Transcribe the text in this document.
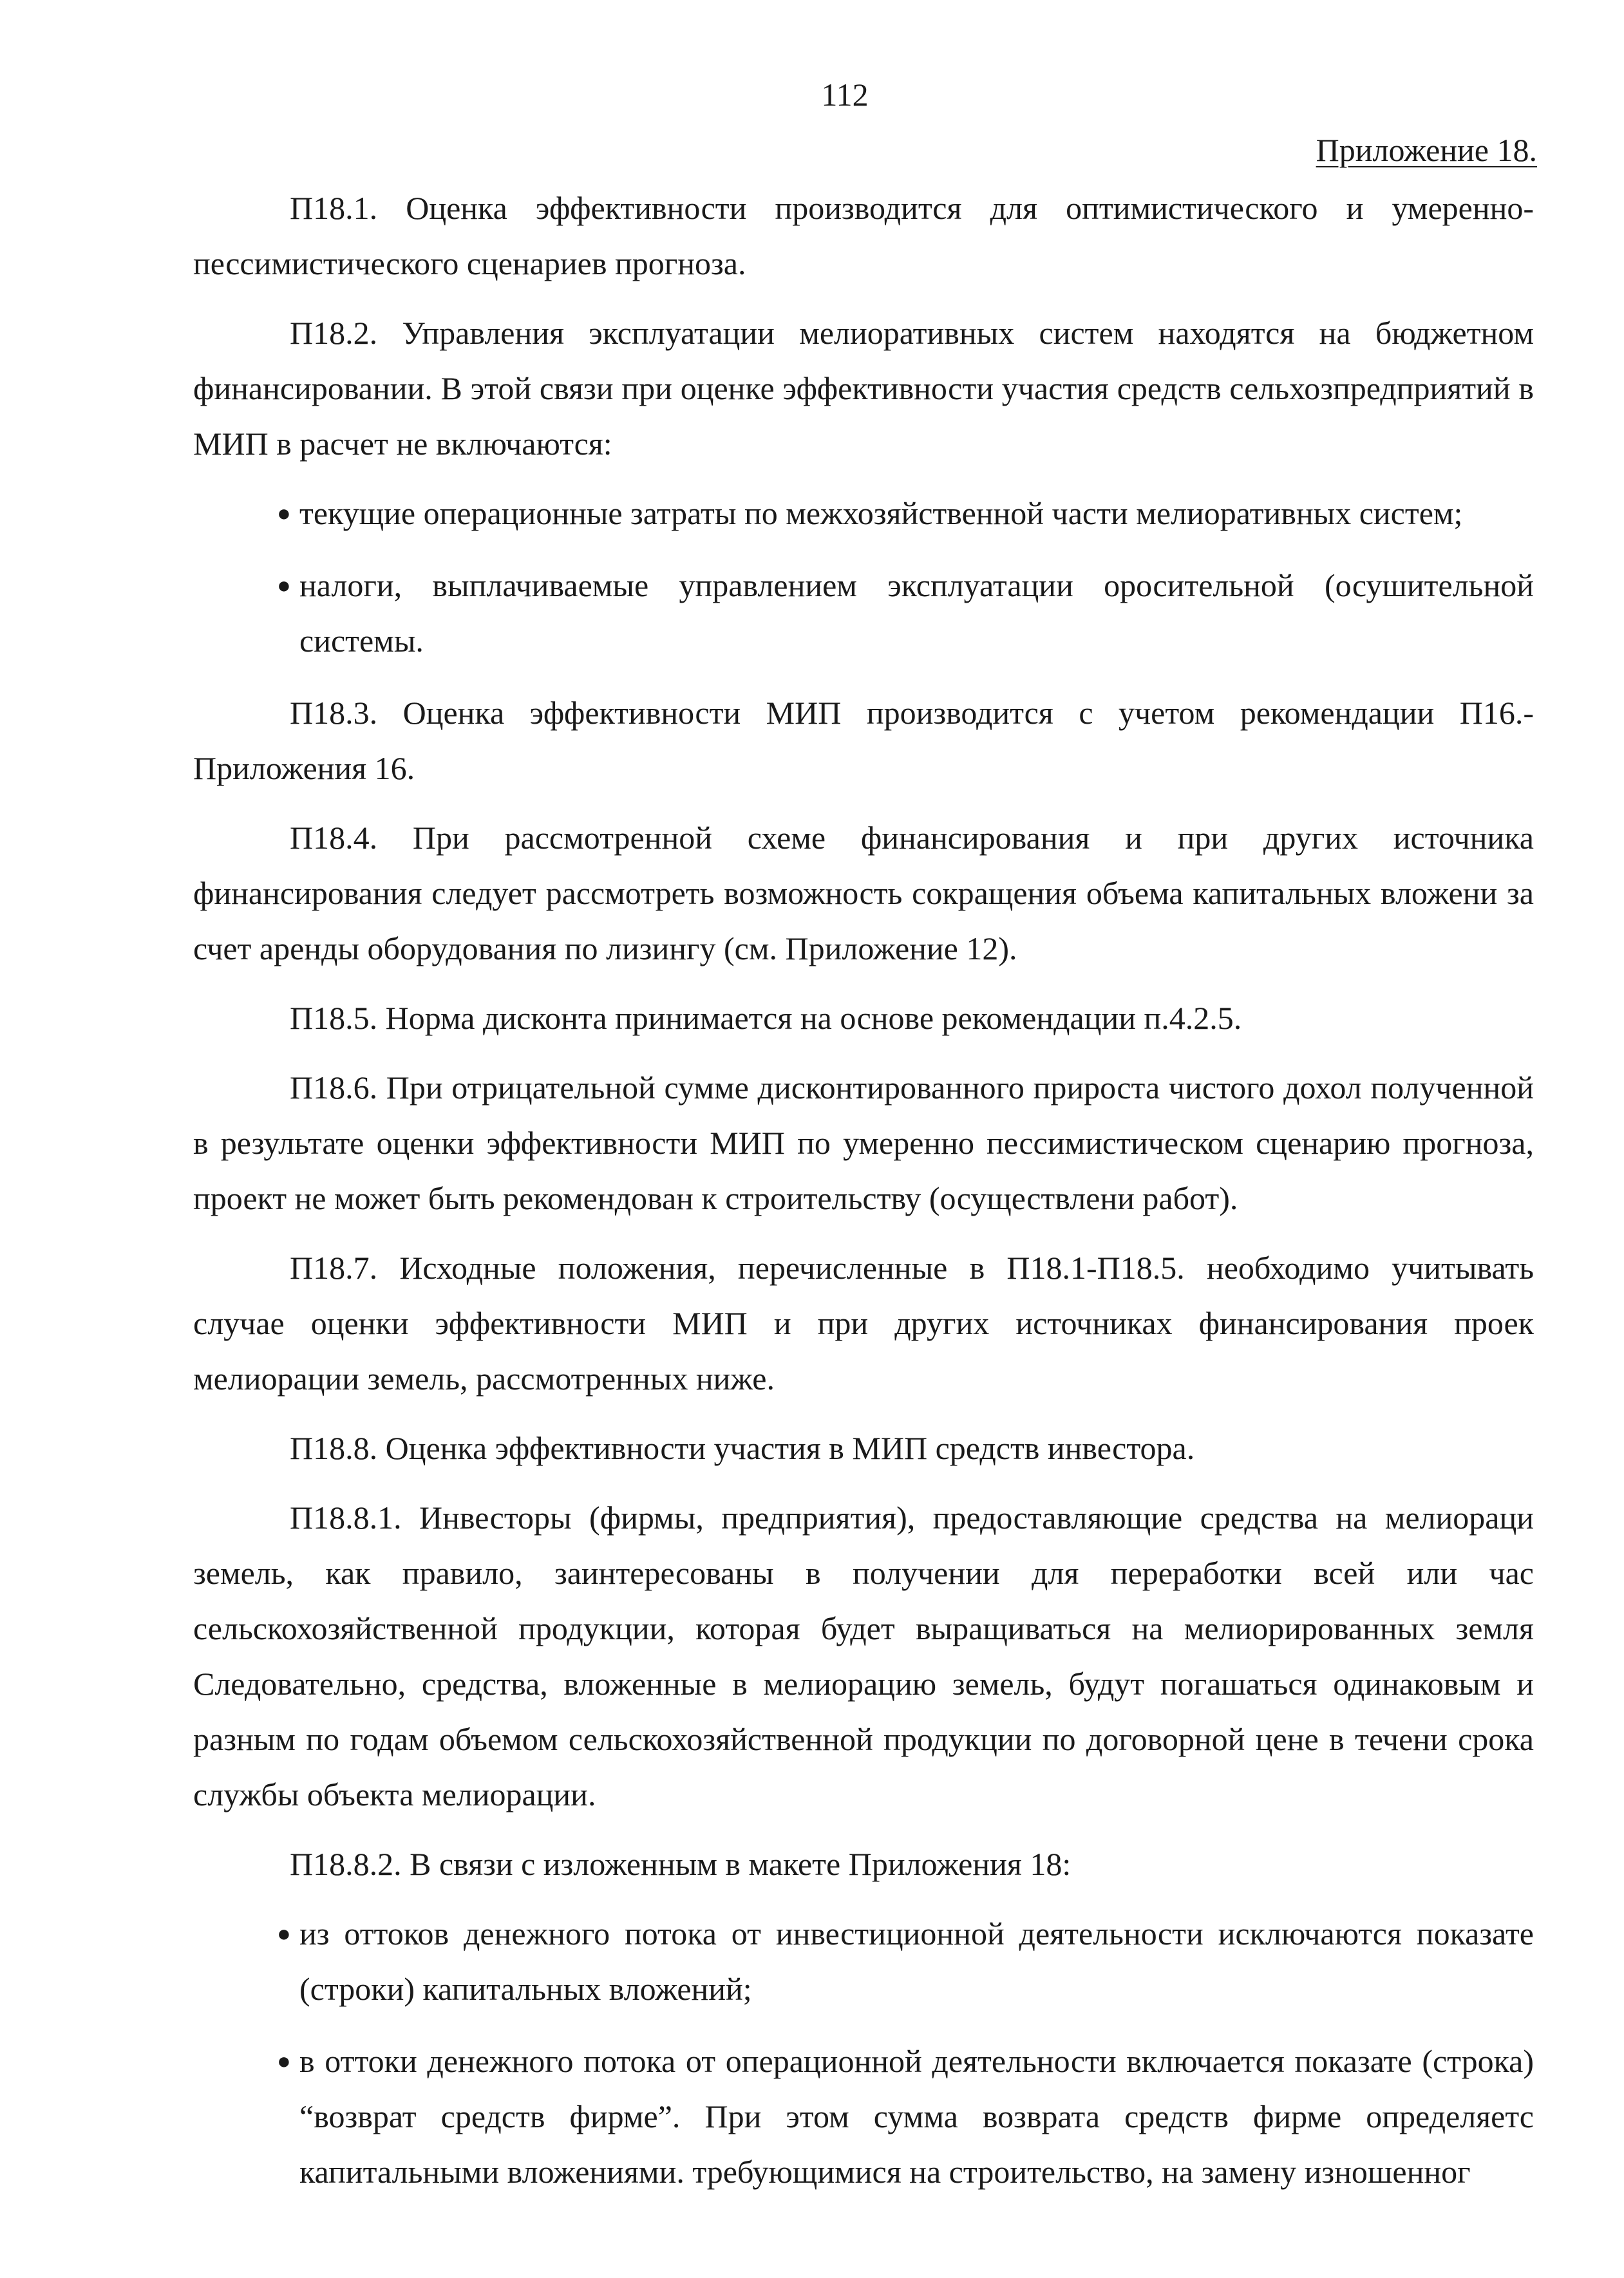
112
Приложение 18.

П18.1. Оценка эффективности производится для оптимистического и умеренно-пессимистического сценариев прогноза.

П18.2. Управления эксплуатации мелиоративных систем находятся на бюджетном финансировании. В этой связи при оценке эффективности участия средств сельхозпредприятий в МИП в расчет не включаются:

● текущие операционные затраты по межхозяйственной части мелиоративных систем;
● налоги, выплачиваемые управлением эксплуатации оросительной (осушительной системы.

П18.3. Оценка эффективности МИП производится с учетом рекомендации П16.- Приложения 16.

П18.4. При рассмотренной схеме финансирования и при других источника финансирования следует рассмотреть возможность сокращения объема капитальных вложени за счет аренды оборудования по лизингу (см. Приложение 12).

П18.5. Норма дисконта принимается на основе рекомендации п.4.2.5.

П18.6. При отрицательной сумме дисконтированного прироста чистого дохол полученной в результате оценки эффективности МИП по умеренно пессимистическом сценарию прогноза, проект не может быть рекомендован к строительству (осуществлени работ).

П18.7. Исходные положения, перечисленные в П18.1-П18.5. необходимо учитывать случае оценки эффективности МИП и при других источниках финансирования проек мелиорации земель, рассмотренных ниже.

П18.8. Оценка эффективности участия в МИП средств инвестора.

П18.8.1. Инвесторы (фирмы, предприятия), предоставляющие средства на мелиораци земель, как правило, заинтересованы в получении для переработки всей или час сельскохозяйственной продукции, которая будет выращиваться на мелиорированных земля Следовательно, средства, вложенные в мелиорацию земель, будут погашаться одинаковым и разным по годам объемом сельскохозяйственной продукции по договорной цене в течени срока службы объекта мелиорации.

П18.8.2. В связи с изложенным в макете Приложения 18:

● из оттоков денежного потока от инвестиционной деятельности исключаются показате (строки) капитальных вложений;
● в оттоки денежного потока от операционной деятельности включается показате (строка) “возврат средств фирме”. При этом сумма возврата средств фирме определяетс капитальными вложениями. требующимися на строительство, на замену изношенног
